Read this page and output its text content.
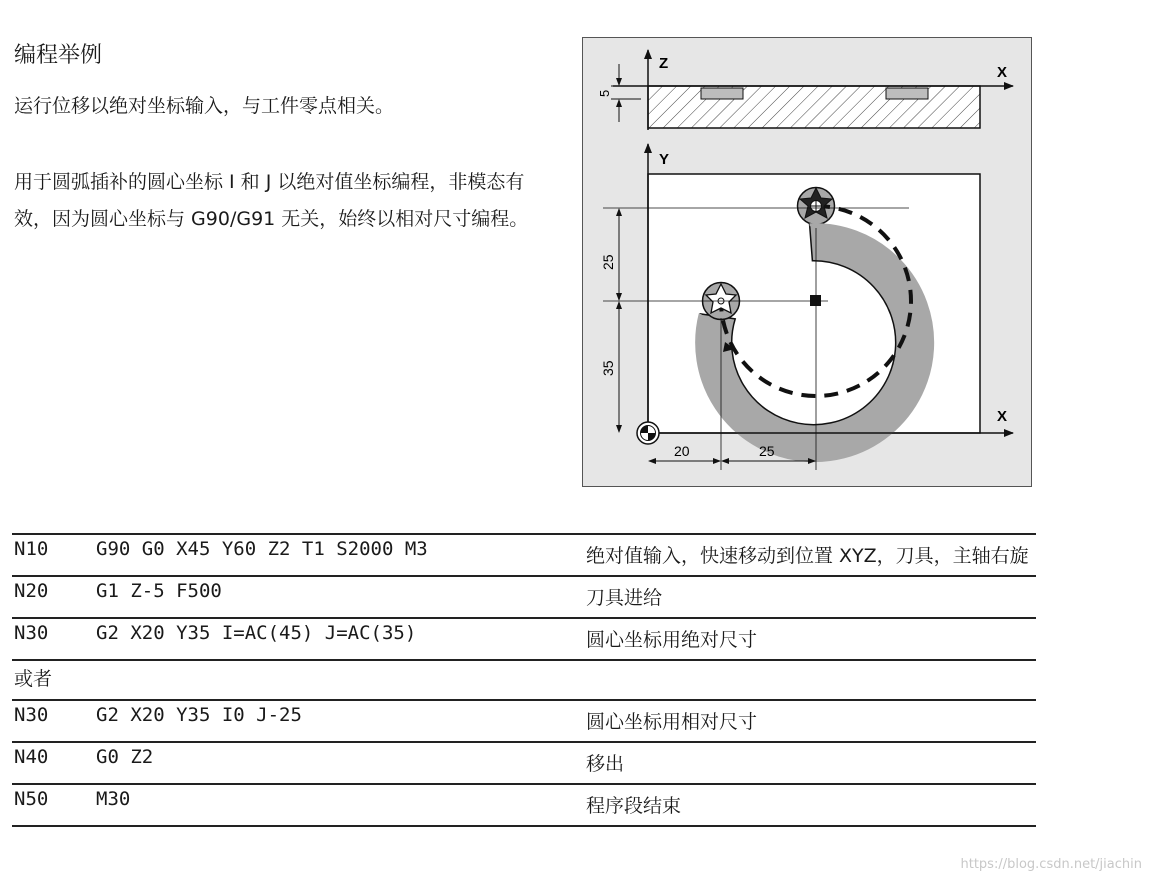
编程举例
运行位移以绝对坐标输入，与工件零点相关。
用于圆弧插补的圆心坐标 I 和 J 以绝对值坐标编程，非模态有效，因为圆心坐标与 G90/G91 无关，始终以相对尺寸编程。
Z
X
5
Y
X
25
35
20	25
N10	G90 G0 X45 Y60 Z2 T1 S2000 M3	绝对值输入，快速移动到位置 XYZ，刀具，主轴右旋
N20	G1 Z-5 F500	刀具进给
N30	G2 X20 Y35 I=AC(45) J=AC(35)	圆心坐标用绝对尺寸
或者		
N30	G2 X20 Y35 I0 J-25	圆心坐标用相对尺寸
N40	G0 Z2	移出
N50	M30	程序段结束
https://blog.csdn.net/jiachin
